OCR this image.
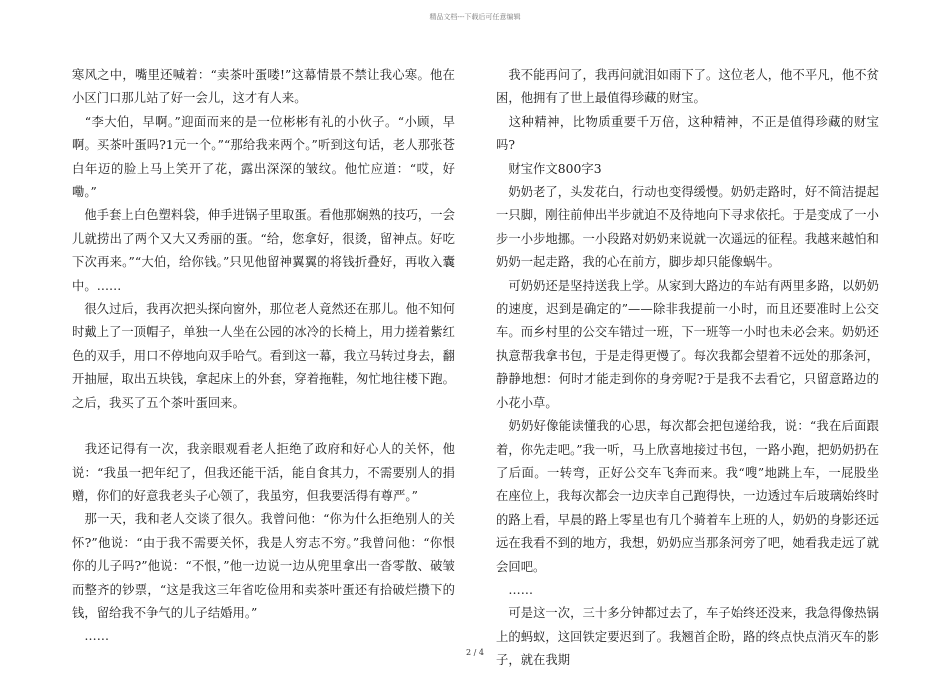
精品文档---下载后可任意编辑

寒风之中，嘴里还喊着：“卖茶叶蛋喽!”这幕情景不禁让我心寒。他在小区门口那儿站了好一会儿，这才有人来。

　“李大伯，早啊。”迎面而来的是一位彬彬有礼的小伙子。“小顾，早啊。买茶叶蛋吗?1元一个。”“那给我来两个。”听到这句话，老人那张苍白年迈的脸上马上笑开了花，露出深深的皱纹。他忙应道：“哎，好嘞。”

　他手套上白色塑料袋，伸手进锅子里取蛋。看他那娴熟的技巧，一会儿就捞出了两个又大又秀丽的蛋。“给，您拿好，很烫，留神点。好吃下次再来。”“大伯，给你钱。”只见他留神翼翼的将钱折叠好，再收入囊中。……

　很久过后，我再次把头探向窗外，那位老人竟然还在那儿。他不知何时戴上了一顶帽子，单独一人坐在公园的冰冷的长椅上，用力搓着紫红色的双手，用口不停地向双手哈气。看到这一幕，我立马转过身去，翻开抽屉，取出五块钱，拿起床上的外套，穿着拖鞋，匆忙地往楼下跑。之后，我买了五个茶叶蛋回来。

　我还记得有一次，我亲眼观看老人拒绝了政府和好心人的关怀，他说：“我虽一把年纪了，但我还能干活，能自食其力，不需要别人的捐赠，你们的好意我老头子心领了，我虽穷，但我要活得有尊严。”

　那一天，我和老人交谈了很久。我曾问他：“你为什么拒绝别人的关怀?”他说：“由于我不需要关怀，我是人穷志不穷。”我曾问他：“你恨你的儿子吗?”他说：“不恨，”他一边说一边从兜里拿出一沓零散、破皱而整齐的钞票，“这是我这三年省吃俭用和卖茶叶蛋还有拾破烂攒下的钱，留给我不争气的儿子结婚用。”

　……

　我不能再问了，我再问就泪如雨下了。这位老人，他不平凡，他不贫困，他拥有了世上最值得珍藏的财宝。

　这种精神，比物质重要千万倍，这种精神，不正是值得珍藏的财宝吗?

　财宝作文800字3

　奶奶老了，头发花白，行动也变得缓慢。奶奶走路时，好不简洁提起一只脚，刚往前伸出半步就迫不及待地向下寻求依托。于是变成了一小步一小步地挪。一小段路对奶奶来说就一次遥远的征程。我越来越怕和奶奶一起走路，我的心在前方，脚步却只能像蜗牛。

　可奶奶还是坚持送我上学。从家到大路边的车站有两里多路，以奶奶的速度，迟到是确定的”——除非我提前一小时，而且还要准时上公交车。而乡村里的公交车错过一班，下一班等一小时也未必会来。奶奶还执意帮我拿书包，于是走得更慢了。每次我都会望着不远处的那条河，静静地想：何时才能走到你的身旁呢?于是我不去看它，只留意路边的小花小草。

　奶奶好像能读懂我的心思，每次都会把包递给我，说：“我在后面跟着，你先走吧。”我一听，马上欣喜地接过书包，一路小跑，把奶奶扔在了后面。一转弯，正好公交车飞奔而来。我“嗖”地跳上车，一屁股坐在座位上，我每次都会一边庆幸自己跑得快，一边透过车后玻璃始终时的路上看，早晨的路上零星也有几个骑着车上班的人，奶奶的身影还远远在我看不到的地方，我想，奶奶应当那条河旁了吧，她看我走远了就会回吧。

　……

　可是这一次，三十多分钟都过去了，车子始终还没来，我急得像热锅上的蚂蚁，这回铁定要迟到了。我翘首企盼，路的终点快点消灭车的影子，就在我期

2 / 4
